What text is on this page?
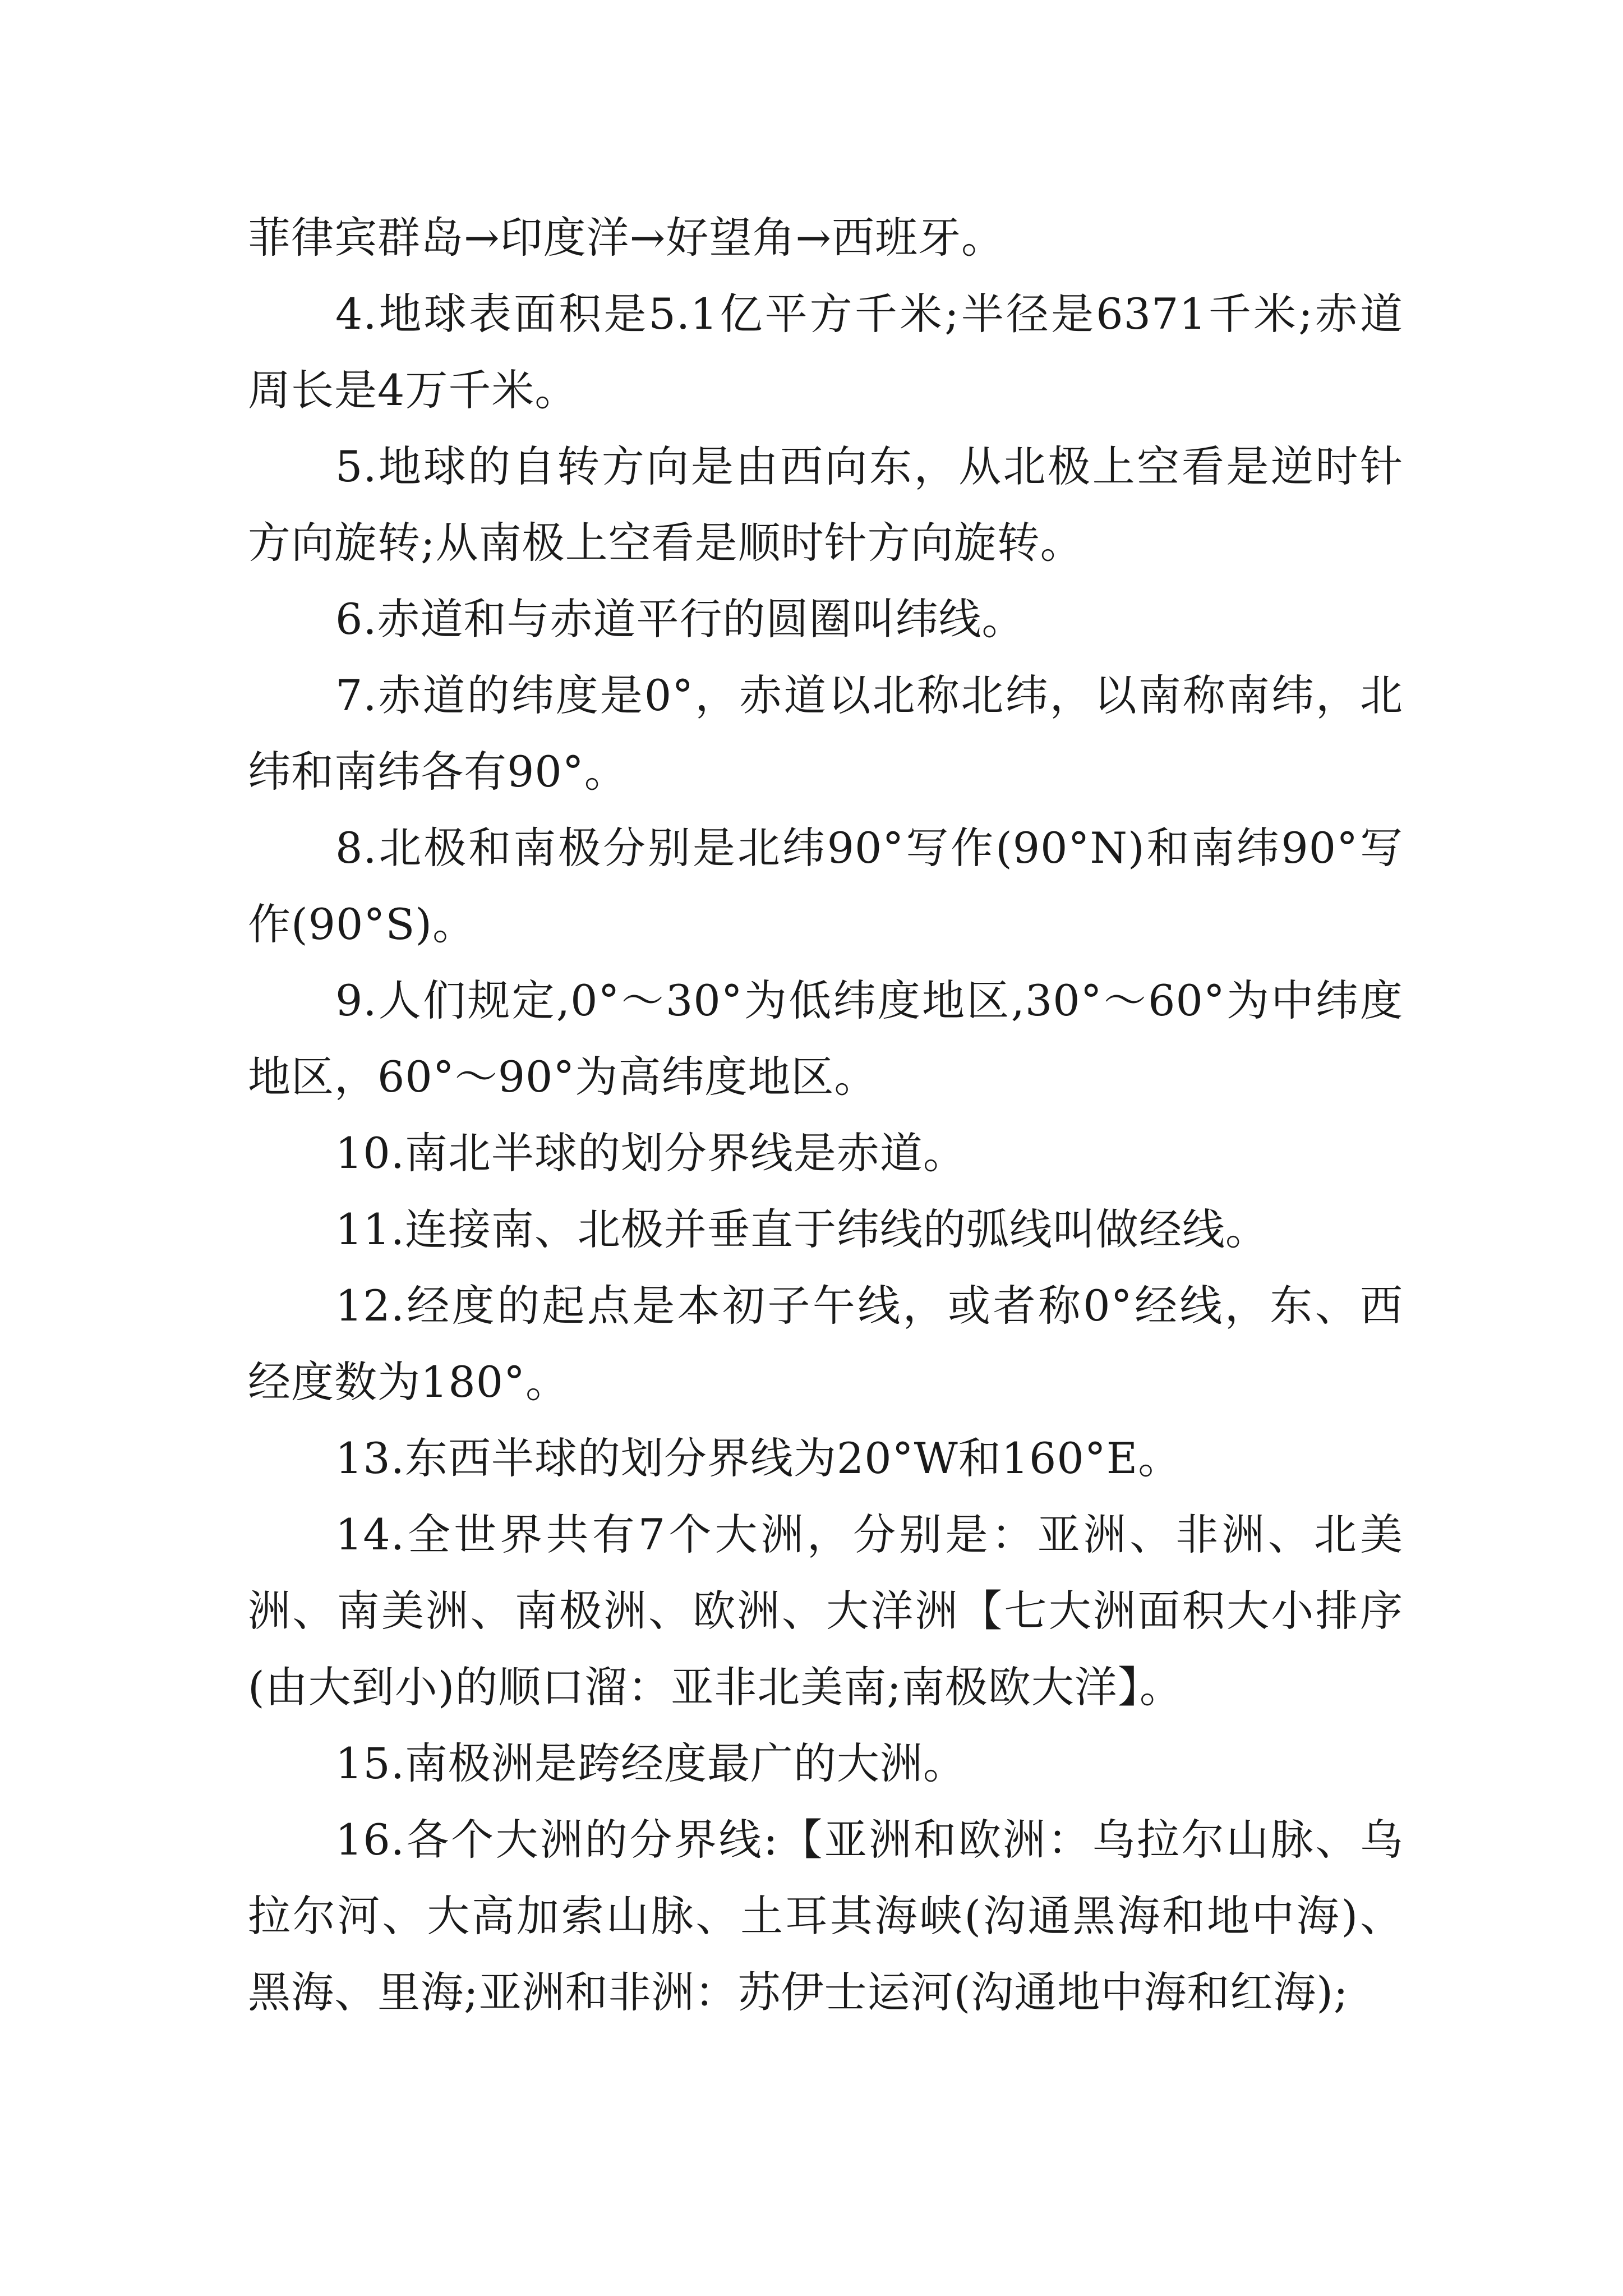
菲律宾群岛→印度洋→好望角→西班牙。

4.地球表面积是5.1亿平方千米;半径是6371千米;赤道周长是4万千米。

5.地球的自转方向是由西向东，从北极上空看是逆时针方向旋转;从南极上空看是顺时针方向旋转。

6.赤道和与赤道平行的圆圈叫纬线。

7.赤道的纬度是0°，赤道以北称北纬，以南称南纬，北纬和南纬各有90°。

8.北极和南极分别是北纬90°写作(90°N)和南纬90°写作(90°S)。

9.人们规定,0°～30°为低纬度地区,30°～60°为中纬度地区，60°～90°为高纬度地区。

10.南北半球的划分界线是赤道。

11.连接南、北极并垂直于纬线的弧线叫做经线。

12.经度的起点是本初子午线，或者称0°经线，东、西经度数为180°。

13.东西半球的划分界线为20°W和160°E。

14.全世界共有7个大洲，分别是：亚洲、非洲、北美洲、南美洲、南极洲、欧洲、大洋洲【七大洲面积大小排序(由大到小)的顺口溜：亚非北美南;南极欧大洋】。

15.南极洲是跨经度最广的大洲。

16.各个大洲的分界线:【亚洲和欧洲：乌拉尔山脉、乌拉尔河、大高加索山脉、土耳其海峡(沟通黑海和地中海)、黑海、里海;亚洲和非洲：苏伊士运河(沟通地中海和红海);
